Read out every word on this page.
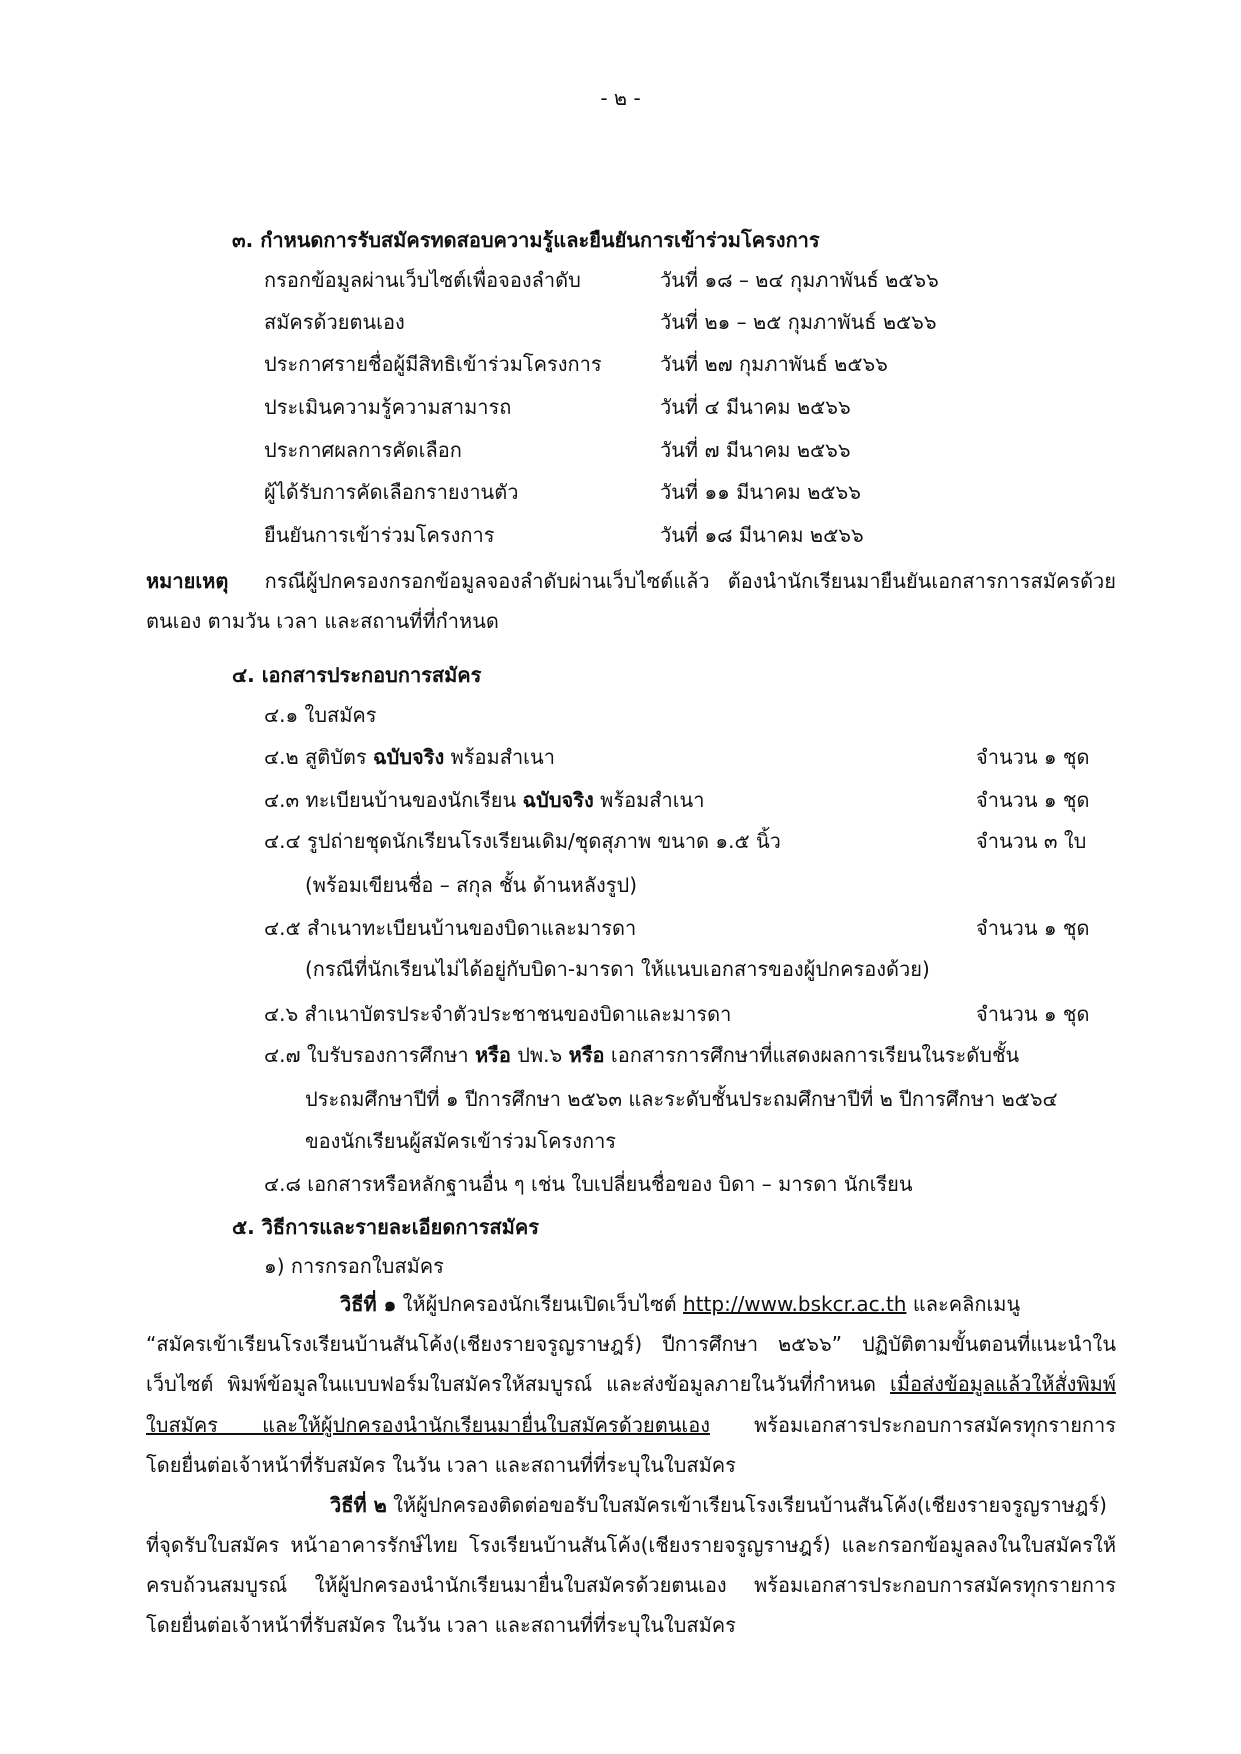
- ๒ -
๓. กำหนดการรับสมัครทดสอบความรู้และยืนยันการเข้าร่วมโครงการ
กรอกข้อมูลผ่านเว็บไซต์เพื่อจองลำดับ	วันที่ ๑๘ – ๒๔ กุมภาพันธ์ ๒๕๖๖
สมัครด้วยตนเอง	วันที่ ๒๑ – ๒๕ กุมภาพันธ์ ๒๕๖๖
ประกาศรายชื่อผู้มีสิทธิเข้าร่วมโครงการ	วันที่ ๒๗ กุมภาพันธ์ ๒๕๖๖
ประเมินความรู้ความสามารถ	วันที่ ๔ มีนาคม ๒๕๖๖
ประกาศผลการคัดเลือก	วันที่ ๗ มีนาคม ๒๕๖๖
ผู้ได้รับการคัดเลือกรายงานตัว	วันที่ ๑๑ มีนาคม ๒๕๖๖
ยืนยันการเข้าร่วมโครงการ	วันที่ ๑๘ มีนาคม ๒๕๖๖
หมายเหตุ กรณีผู้ปกครองกรอกข้อมูลจองลำดับผ่านเว็บไซต์แล้ว ต้องนำนักเรียนมายืนยันเอกสารการสมัครด้วย
ตนเอง ตามวัน เวลา และสถานที่ที่กำหนด
๔. เอกสารประกอบการสมัคร
๔.๑ ใบสมัคร
๔.๒ สูติบัตร ฉบับจริง พร้อมสำเนา	จำนวน ๑ ชุด
๔.๓ ทะเบียนบ้านของนักเรียน ฉบับจริง พร้อมสำเนา	จำนวน ๑ ชุด
๔.๔ รูปถ่ายชุดนักเรียนโรงเรียนเดิม/ชุดสุภาพ ขนาด ๑.๕ นิ้ว	จำนวน ๓ ใบ
(พร้อมเขียนชื่อ – สกุล ชั้น ด้านหลังรูป)
๔.๕ สำเนาทะเบียนบ้านของบิดาและมารดา	จำนวน ๑ ชุด
(กรณีที่นักเรียนไม่ได้อยู่กับบิดา-มารดา ให้แนบเอกสารของผู้ปกครองด้วย)
๔.๖ สำเนาบัตรประจำตัวประชาชนของบิดาและมารดา	จำนวน ๑ ชุด
๔.๗ ใบรับรองการศึกษา หรือ ปพ.๖ หรือ เอกสารการศึกษาที่แสดงผลการเรียนในระดับชั้น
ประถมศึกษาปีที่ ๑ ปีการศึกษา ๒๕๖๓ และระดับชั้นประถมศึกษาปีที่ ๒ ปีการศึกษา ๒๕๖๔
ของนักเรียนผู้สมัครเข้าร่วมโครงการ
๔.๘ เอกสารหรือหลักฐานอื่น ๆ เช่น ใบเปลี่ยนชื่อของ บิดา – มารดา นักเรียน
๕. วิธีการและรายละเอียดการสมัคร
๑) การกรอกใบสมัคร
วิธีที่ ๑ ให้ผู้ปกครองนักเรียนเปิดเว็บไซต์ http://www.bskcr.ac.th และคลิกเมนู
“สมัครเข้าเรียนโรงเรียนบ้านสันโค้ง(เชียงรายจรูญราษฎร์) ปีการศึกษา ๒๕๖๖” ปฏิบัติตามขั้นตอนที่แนะนำใน
เว็บไซต์ พิมพ์ข้อมูลในแบบฟอร์มใบสมัครให้สมบูรณ์ และส่งข้อมูลภายในวันที่กำหนด เมื่อส่งข้อมูลแล้วให้สั่งพิมพ์
ใบสมัคร และให้ผู้ปกครองนำนักเรียนมายื่นใบสมัครด้วยตนเอง พร้อมเอกสารประกอบการสมัครทุกรายการ
โดยยื่นต่อเจ้าหน้าที่รับสมัคร ในวัน เวลา และสถานที่ที่ระบุในใบสมัคร
วิธีที่ ๒ ให้ผู้ปกครองติดต่อขอรับใบสมัครเข้าเรียนโรงเรียนบ้านสันโค้ง(เชียงรายจรูญราษฎร์)
ที่จุดรับใบสมัคร หน้าอาคารรักษ์ไทย โรงเรียนบ้านสันโค้ง(เชียงรายจรูญราษฎร์) และกรอกข้อมูลลงในใบสมัครให้
ครบถ้วนสมบูรณ์ ให้ผู้ปกครองนำนักเรียนมายื่นใบสมัครด้วยตนเอง พร้อมเอกสารประกอบการสมัครทุกรายการ
โดยยื่นต่อเจ้าหน้าที่รับสมัคร ในวัน เวลา และสถานที่ที่ระบุในใบสมัคร
